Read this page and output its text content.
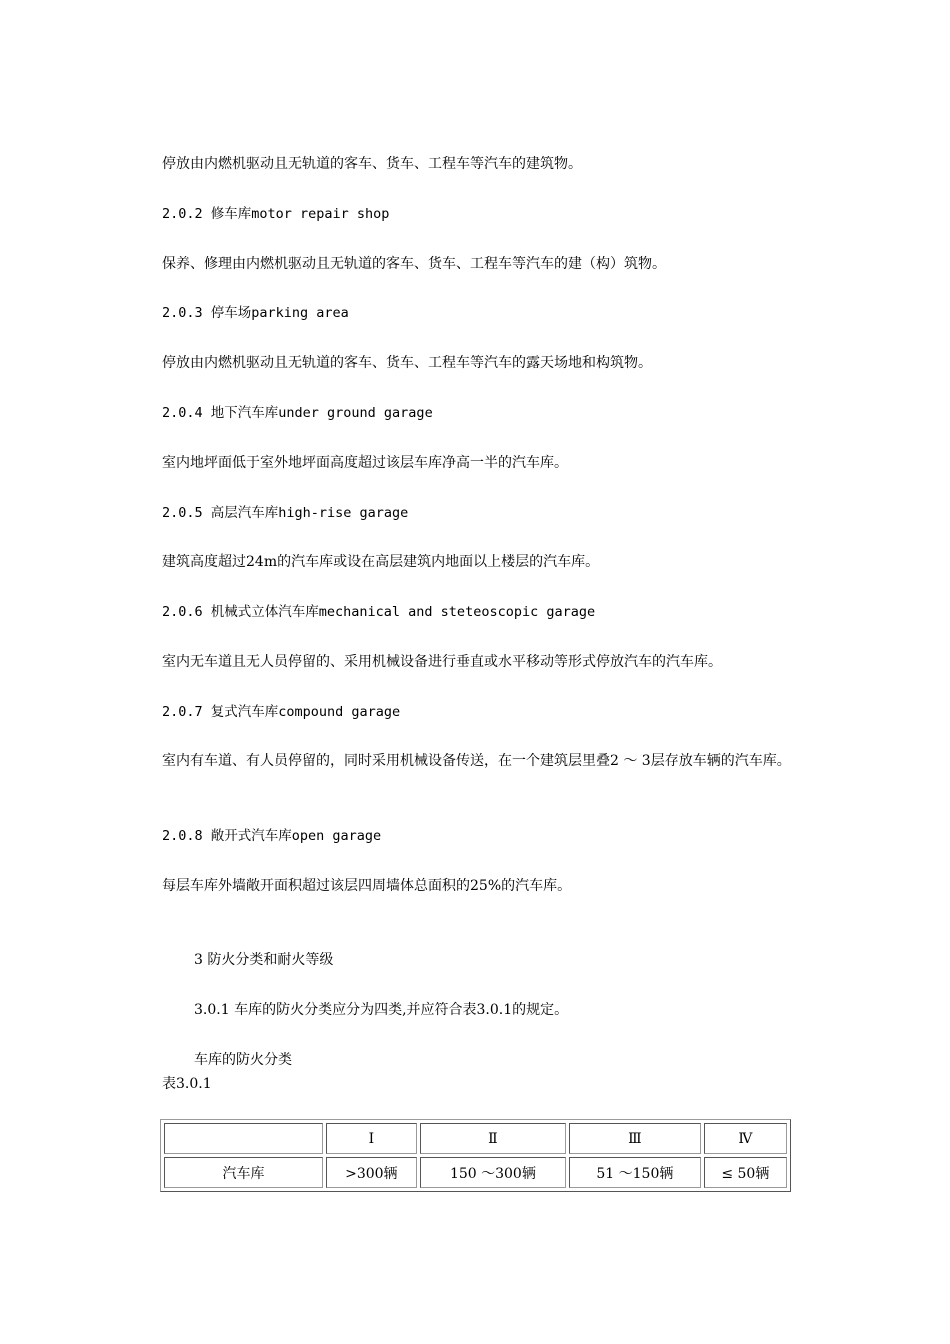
停放由内燃机驱动且无轨道的客车、货车、工程车等汽车的建筑物。
2.0.2 修车库motor repair shop
保养、修理由内燃机驱动且无轨道的客车、货车、工程车等汽车的建（构）筑物。
2.0.3 停车场parking area
停放由内燃机驱动且无轨道的客车、货车、工程车等汽车的露天场地和构筑物。
2.0.4 地下汽车库under ground garage
室内地坪面低于室外地坪面高度超过该层车库净高一半的汽车库。
2.0.5 高层汽车库high-rise garage
建筑高度超过24m的汽车库或设在高层建筑内地面以上楼层的汽车库。
2.0.6 机械式立体汽车库mechanical and steteoscopic garage
室内无车道且无人员停留的、采用机械设备进行垂直或水平移动等形式停放汽车的汽车库。
2.0.7 复式汽车库compound garage
室内有车道、有人员停留的，同时采用机械设备传送，在一个建筑层里叠2 ～ 3层存放车辆的汽车库。
2.0.8 敞开式汽车库open garage
每层车库外墙敞开面积超过该层四周墙体总面积的25%的汽车库。
3 防火分类和耐火等级
3.0.1 车库的防火分类应分为四类,并应符合表3.0.1的规定。
车库的防火分类
表3.0.1
	Ⅰ	Ⅱ	Ⅲ	Ⅳ
汽车库	>300辆	150 ～300辆	51 ～150辆	≤ 50辆
